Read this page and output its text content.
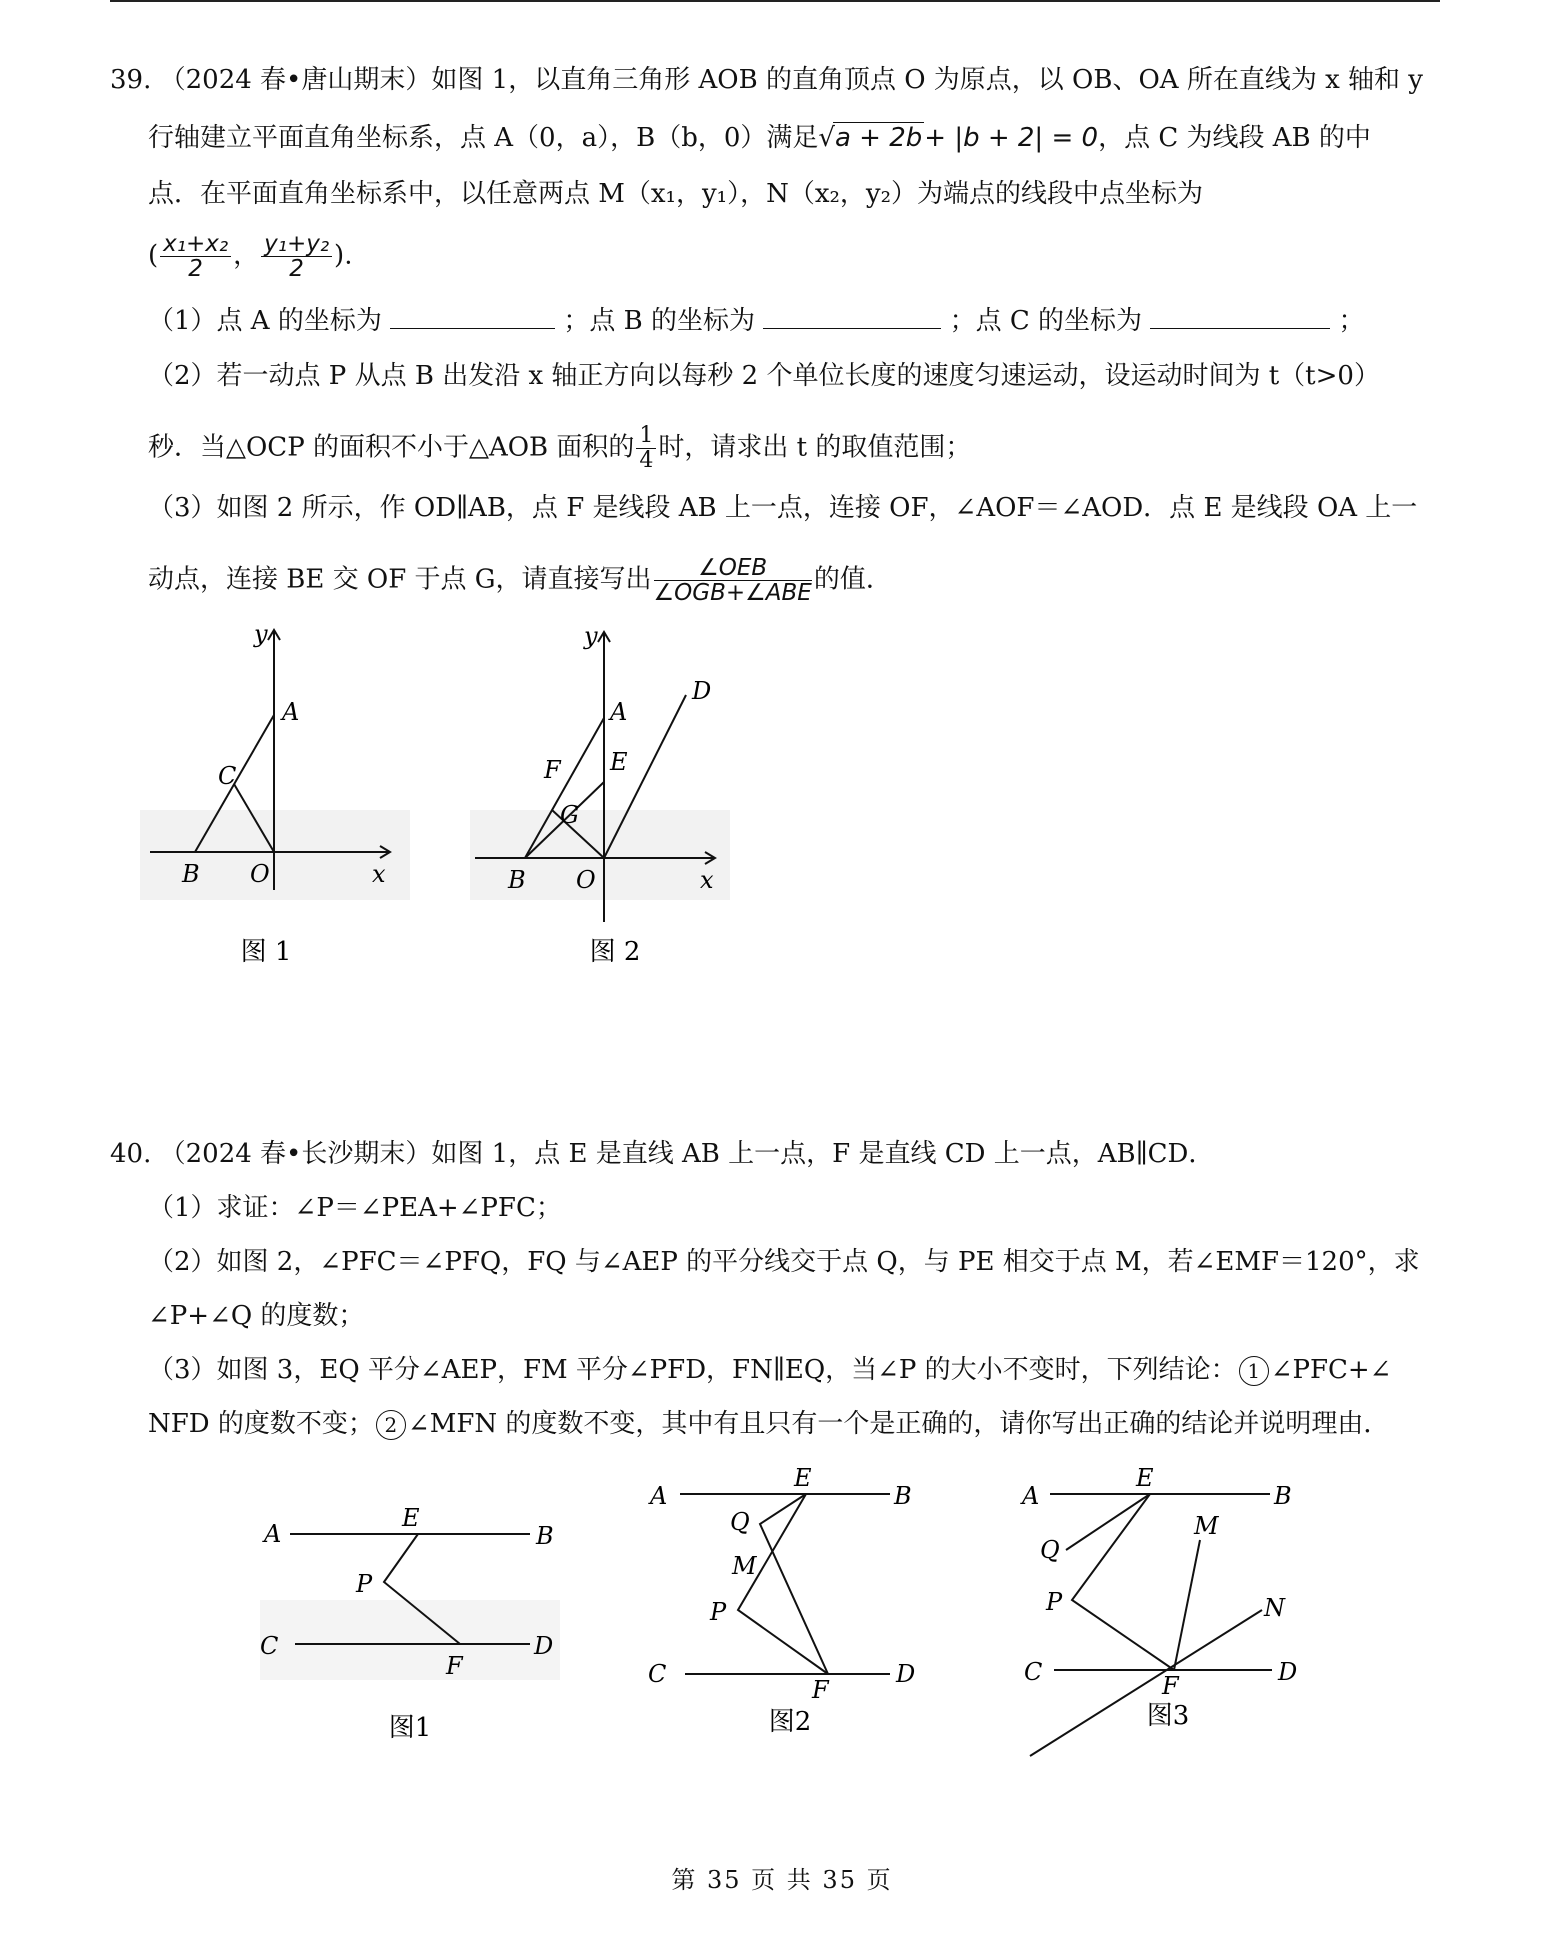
39. （2024 春•唐山期末）如图 1，以直角三角形 AOB 的直角顶点 O 为原点，以 OB、OA 所在直线为 x 轴和 y
行轴建立平面直角坐标系，点 A（0，a），B（b，0）满足√a + 2b+ |b + 2| = 0，点 C 为线段 AB 的中
点．在平面直角坐标系中，以任意两点 M（x₁，y₁），N（x₂，y₂）为端点的线段中点坐标为
( $\frac{\text{x₁+x₂}}{2}$ ， $\frac{\text{y₁+y₂}}{2}$ ).
（1）点 A 的坐标为	；点 B 的坐标为	；点 C 的坐标为	；
（2）若一动点 P 从点 B 出发沿 x 轴正方向以每秒 2 个单位长度的速度匀速运动，设运动时间为 t（t>0）
秒．当△OCP 的面积不小于△AOB 面积的 $\frac{1}{4}$ 时，请求出 t 的取值范围；
（3）如图 2 所示，作 OD∥AB，点 F 是线段 AB 上一点，连接 OF，∠AOF＝∠AOD．点 E 是线段 OA 上一
动点，连接 BE 交 OF 于点 G，请直接写出 $\frac{\text{∠OEB}}{\text{∠OGB+∠ABE}}$ 的值．
y
A
C
B O	x
图 1
y
A
D
E
F
G
B O	x
图 2
40. （2024 春•长沙期末）如图 1，点 E 是直线 AB 上一点，F 是直线 CD 上一点，AB∥CD．
（1）求证：∠P＝∠PEA+∠PFC；
（2）如图 2，∠PFC＝∠PFQ，FQ 与∠AEP 的平分线交于点 Q，与 PE 相交于点 M，若∠EMF＝120°，求
∠P+∠Q 的度数；
（3）如图 3，EQ 平分∠AEP，FM 平分∠PFD，FN∥EQ，当∠P 的大小不变时，下列结论： 1 ∠PFC+∠
NFD 的度数不变； 2 ∠MFN 的度数不变，其中有且只有一个是正确的，请你写出正确的结论并说明理由．
A	B
E
P
C	D
F
图1
A	B
E
Q
M
P
C	D
F
图2
A	B
E
Q
M
P	N
C	D
F
图3
第 35 页 共 35 页
